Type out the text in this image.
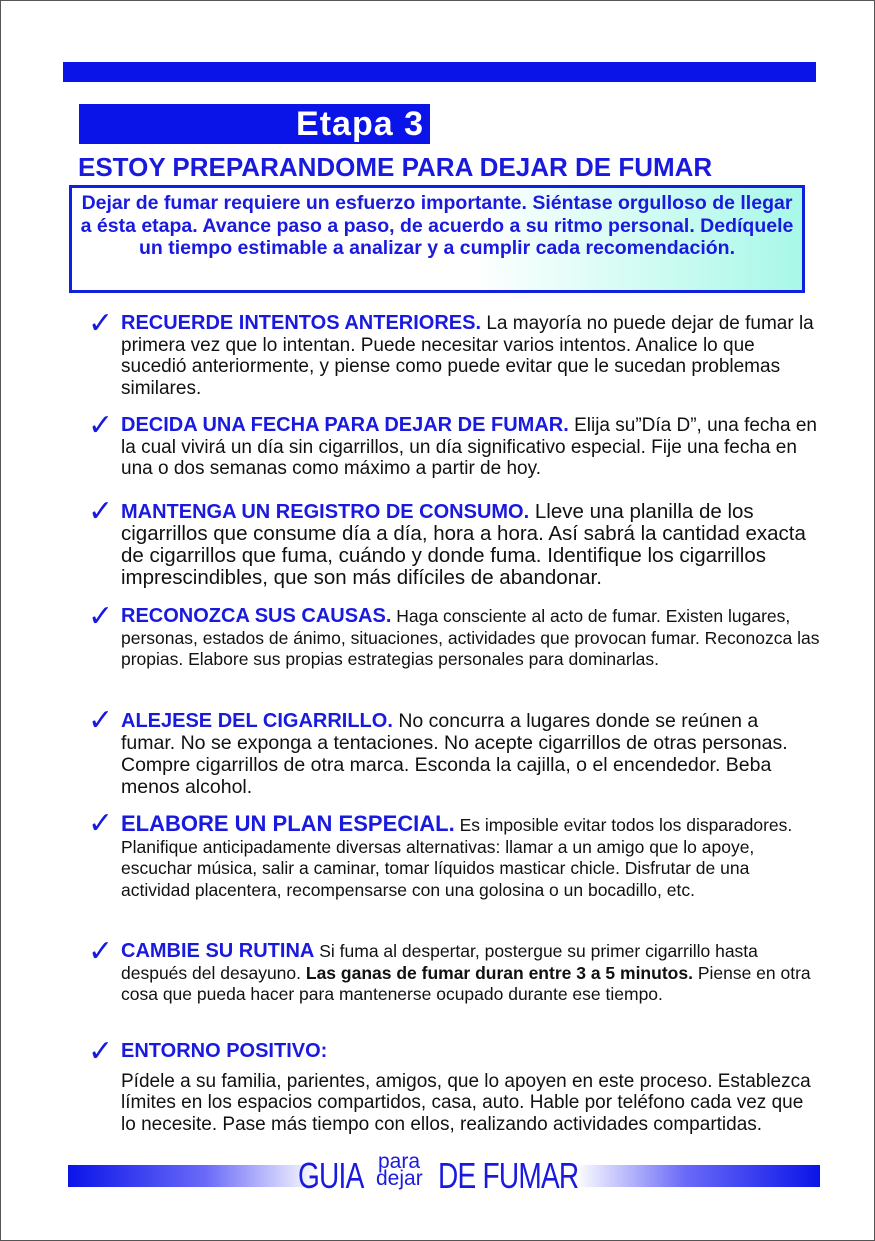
Etapa 3
ESTOY PREPARANDOME PARA DEJAR DE FUMAR
Dejar de fumar requiere un esfuerzo importante. Siéntase orgulloso de llegar a ésta etapa. Avance paso a paso, de acuerdo a su ritmo personal. Dedíquele un tiempo estimable a analizar y a cumplir cada recomendación.
✓ RECUERDE INTENTOS ANTERIORES. La mayoría no puede dejar de fumar la primera vez que lo intentan. Puede necesitar varios intentos. Analice lo que sucedió anteriormente, y piense como puede evitar que le sucedan problemas similares.
✓ DECIDA UNA FECHA PARA DEJAR DE FUMAR. Elija su”Día D”, una fecha en la cual vivirá un día sin cigarrillos, un día significativo especial. Fije una fecha en una o dos semanas como máximo a partir de hoy.
✓ MANTENGA UN REGISTRO DE CONSUMO. Lleve una planilla de los cigarrillos que consume día a día, hora a hora. Así sabrá la cantidad exacta de cigarrillos que fuma, cuándo y donde fuma. Identifique los cigarrillos imprescindibles, que son más difíciles de abandonar.
✓ RECONOZCA SUS CAUSAS. Haga consciente al acto de fumar. Existen lugares, personas, estados de ánimo, situaciones, actividades que provocan fumar. Reconozca las propias. Elabore sus propias estrategias personales para dominarlas.
✓ ALEJESE DEL CIGARRILLO. No concurra a lugares donde se reúnen a fumar. No se exponga a tentaciones. No acepte cigarrillos de otras personas. Compre cigarrillos de otra marca. Esconda la cajilla, o el encendedor. Beba menos alcohol.
✓ ELABORE UN PLAN ESPECIAL. Es imposible evitar todos los disparadores. Planifique anticipadamente diversas alternativas: llamar a un amigo que lo apoye, escuchar música, salir a caminar, tomar líquidos masticar chicle. Disfrutar de una actividad placentera, recompensarse con una golosina o un bocadillo, etc.
✓ CAMBIE SU RUTINA Si fuma al despertar, postergue su primer cigarrillo hasta después del desayuno. Las ganas de fumar duran entre 3 a 5 minutos. Piense en otra cosa que pueda hacer para mantenerse ocupado durante ese tiempo.
✓ ENTORNO POSITIVO:
Pídele a su familia, parientes, amigos, que lo apoyen en este proceso. Establezca límites en los espacios compartidos, casa, auto. Hable por teléfono cada vez que lo necesite. Pase más tiempo con ellos, realizando actividades compartidas.
GUIA para
dejar DE FUMAR
